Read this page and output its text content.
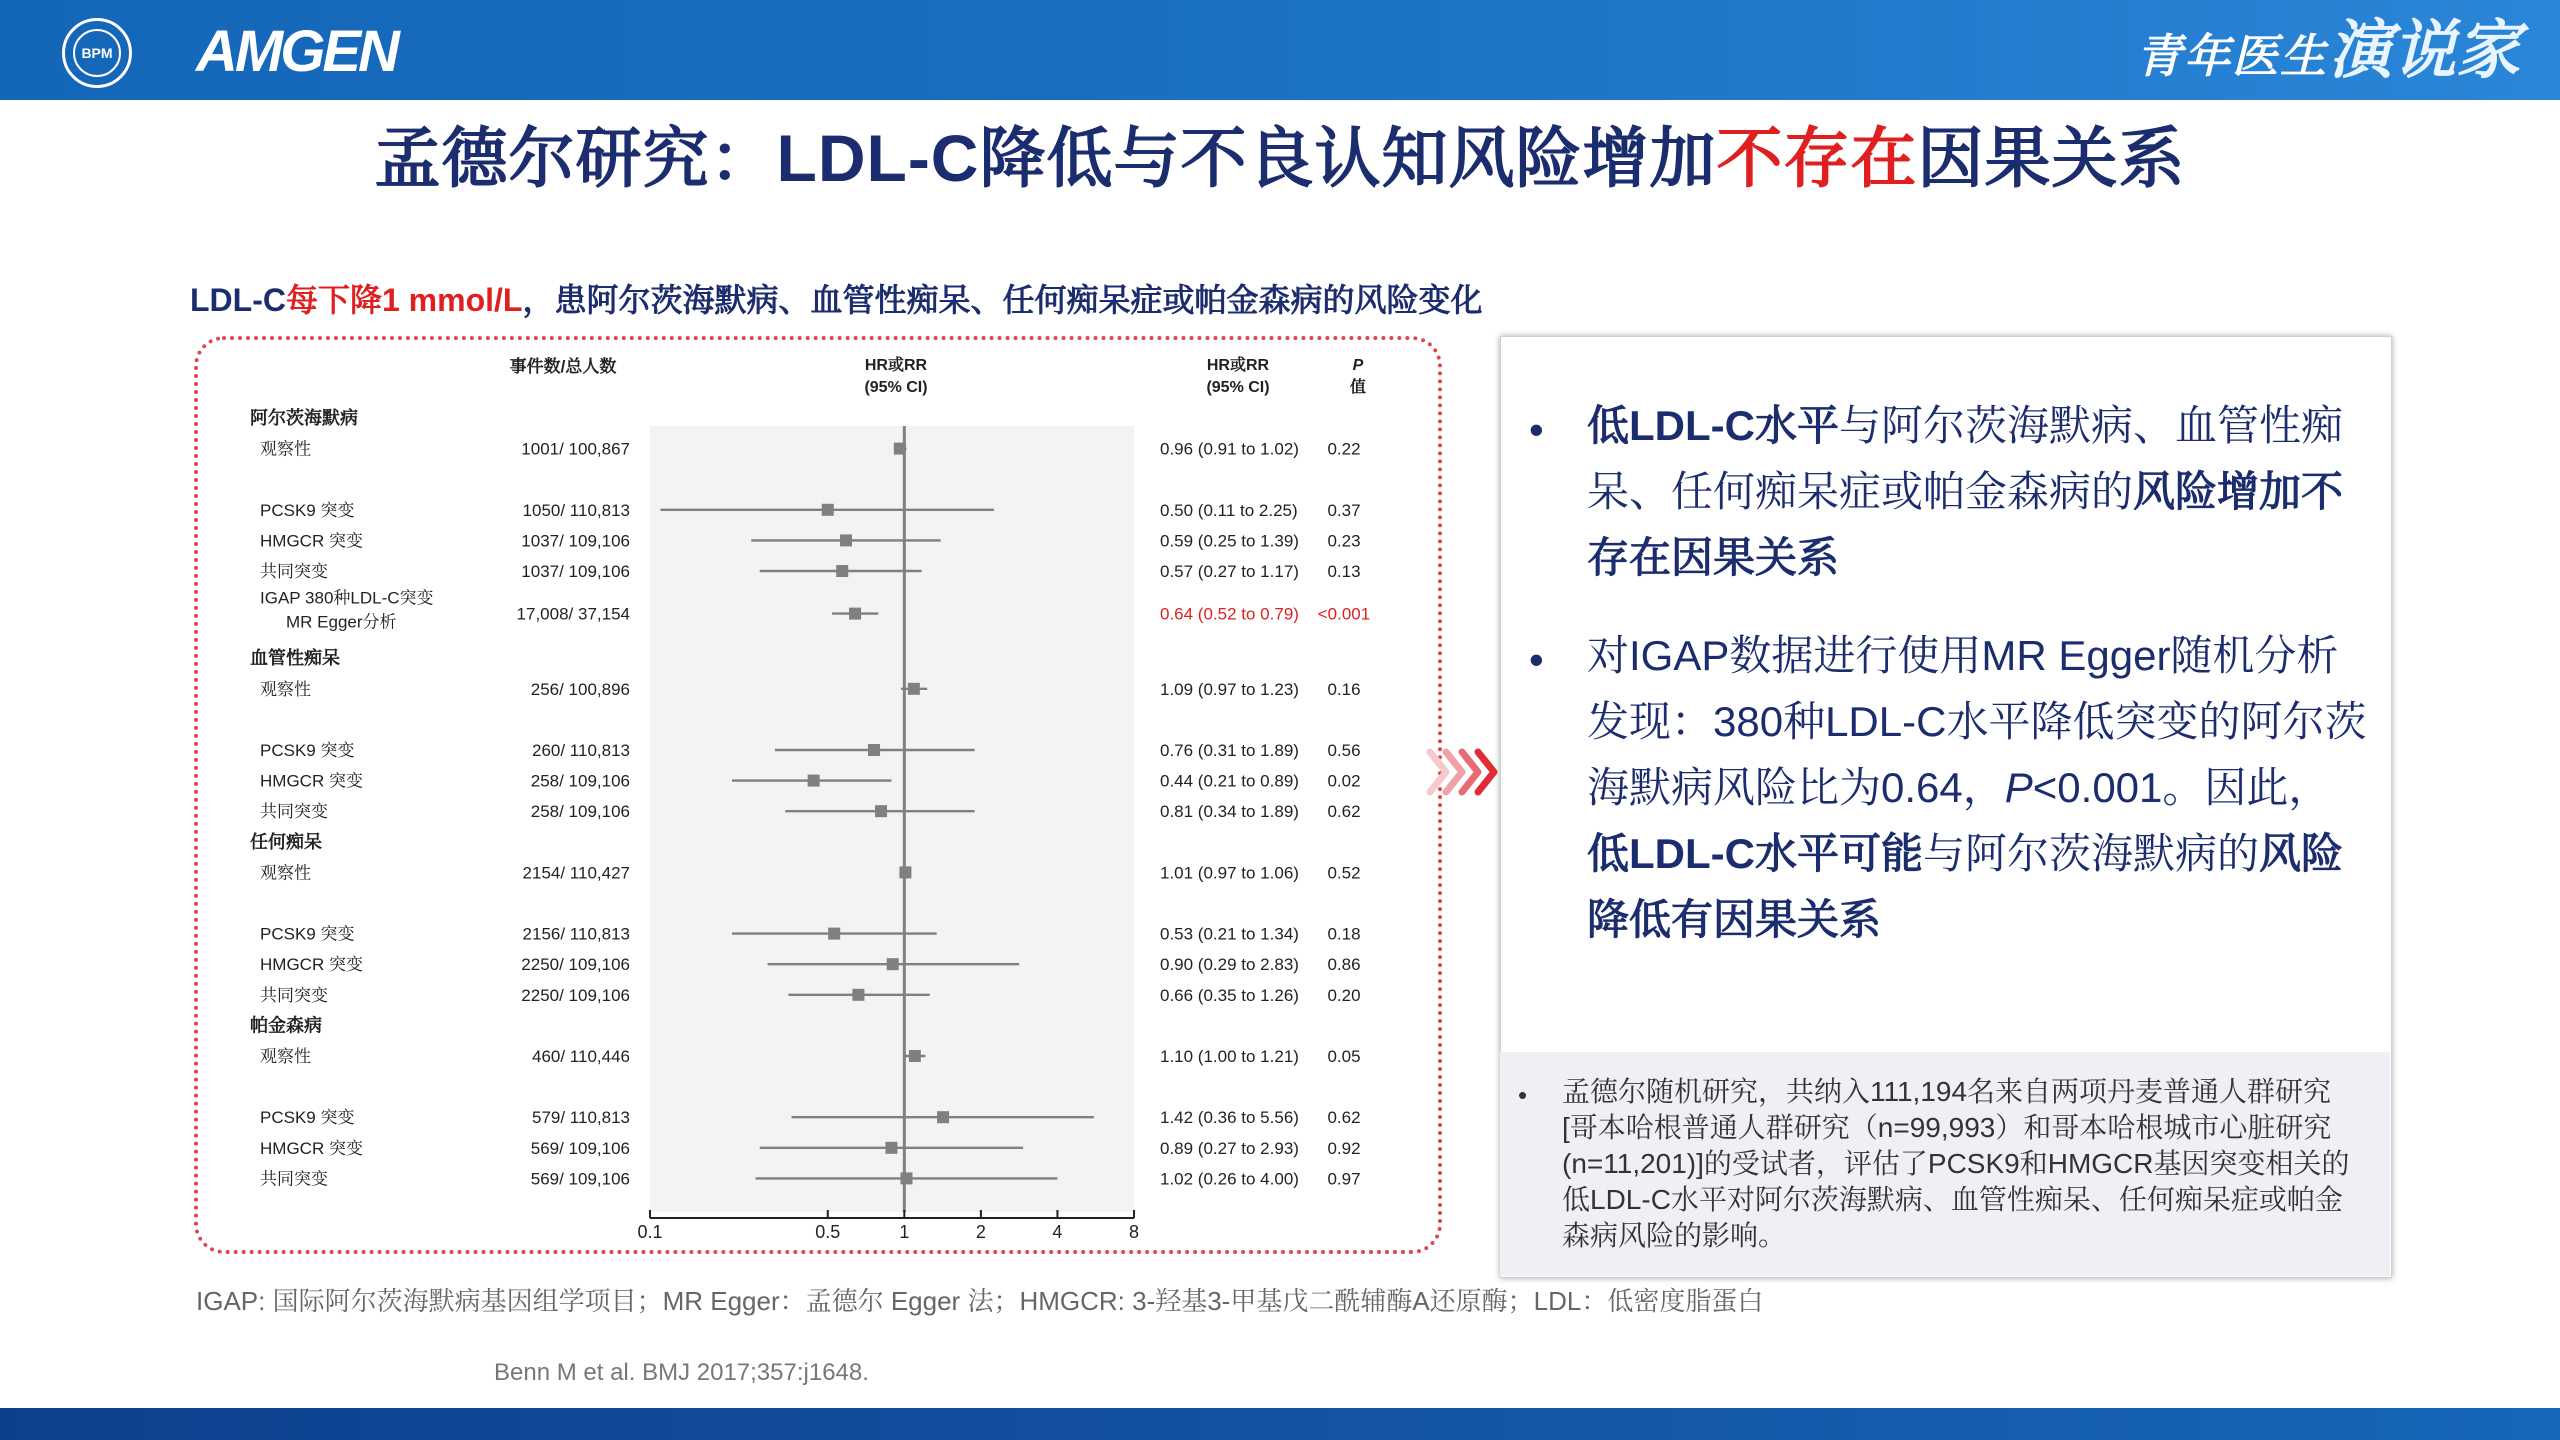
BPM AMGEN	青年医生演说家
孟德尔研究：LDL-C降低与不良认知风险增加不存在因果关系
LDL-C每下降1 mmol/L，患阿尔茨海默病、血管性痴呆、任何痴呆症或帕金森病的风险变化
事件数/总人数	HR或RR
(95% CI)
HR或RR
(95% CI)
P
值
阿尔茨海默病
观察性	1001/ 100,867	0.96 (0.91 to 1.02) 0.22
PCSK9 突变	1050/ 110,813	0.50 (0.11 to 2.25) 0.37
HMGCR 突变	1037/ 109,106	0.59 (0.25 to 1.39) 0.23
共同突变	1037/ 109,106	0.57 (0.27 to 1.17) 0.13
IGAP 380种LDL-C突变
MR Egger分析	17,008/ 37,154	0.64 (0.52 to 0.79) <0.001
血管性痴呆
观察性	256/ 100,896	1.09 (0.97 to 1.23) 0.16
PCSK9 突变	260/ 110,813	0.76 (0.31 to 1.89) 0.56
HMGCR 突变	258/ 109,106	0.44 (0.21 to 0.89) 0.02
共同突变	258/ 109,106	0.81 (0.34 to 1.89) 0.62
任何痴呆
观察性	2154/ 110,427	1.01 (0.97 to 1.06) 0.52
PCSK9 突变	2156/ 110,813	0.53 (0.21 to 1.34) 0.18
HMGCR 突变	2250/ 109,106	0.90 (0.29 to 2.83) 0.86
共同突变	2250/ 109,106	0.66 (0.35 to 1.26) 0.20
帕金森病
观察性	460/ 110,446	1.10 (1.00 to 1.21) 0.05
PCSK9 突变	579/ 110,813	1.42 (0.36 to 5.56) 0.62
HMGCR 突变	569/ 109,106	0.89 (0.27 to 2.93) 0.92
共同突变	569/ 109,106	1.02 (0.26 to 4.00) 0.97
0.1	0.5	1	2	4	8
• 低LDL-C水平与阿尔茨海默病、血管性痴呆、任何痴呆症或帕金森病的风险增加不存在因果关系
• 对IGAP数据进行使用MR Egger随机分析发现：380种LDL-C水平降低突变的阿尔茨海默病风险比为0.64，P<0.001。因此，低LDL-C水平可能与阿尔茨海默病的风险降低有因果关系
• 孟德尔随机研究，共纳入111,194名来自两项丹麦普通人群研究 [哥本哈根普通人群研究（n=99,993）和哥本哈根城市心脏研究(n=11,201)]的受试者，评估了PCSK9和HMGCR基因突变相关的低LDL-C水平对阿尔茨海默病、血管性痴呆、任何痴呆症或帕金森病风险的影响。
IGAP: 国际阿尔茨海默病基因组学项目；MR Egger：孟德尔 Egger 法；HMGCR: 3-羟基3-甲基戊二酰辅酶A还原酶；LDL：低密度脂蛋白
Benn M et al. BMJ 2017;357:j1648.
